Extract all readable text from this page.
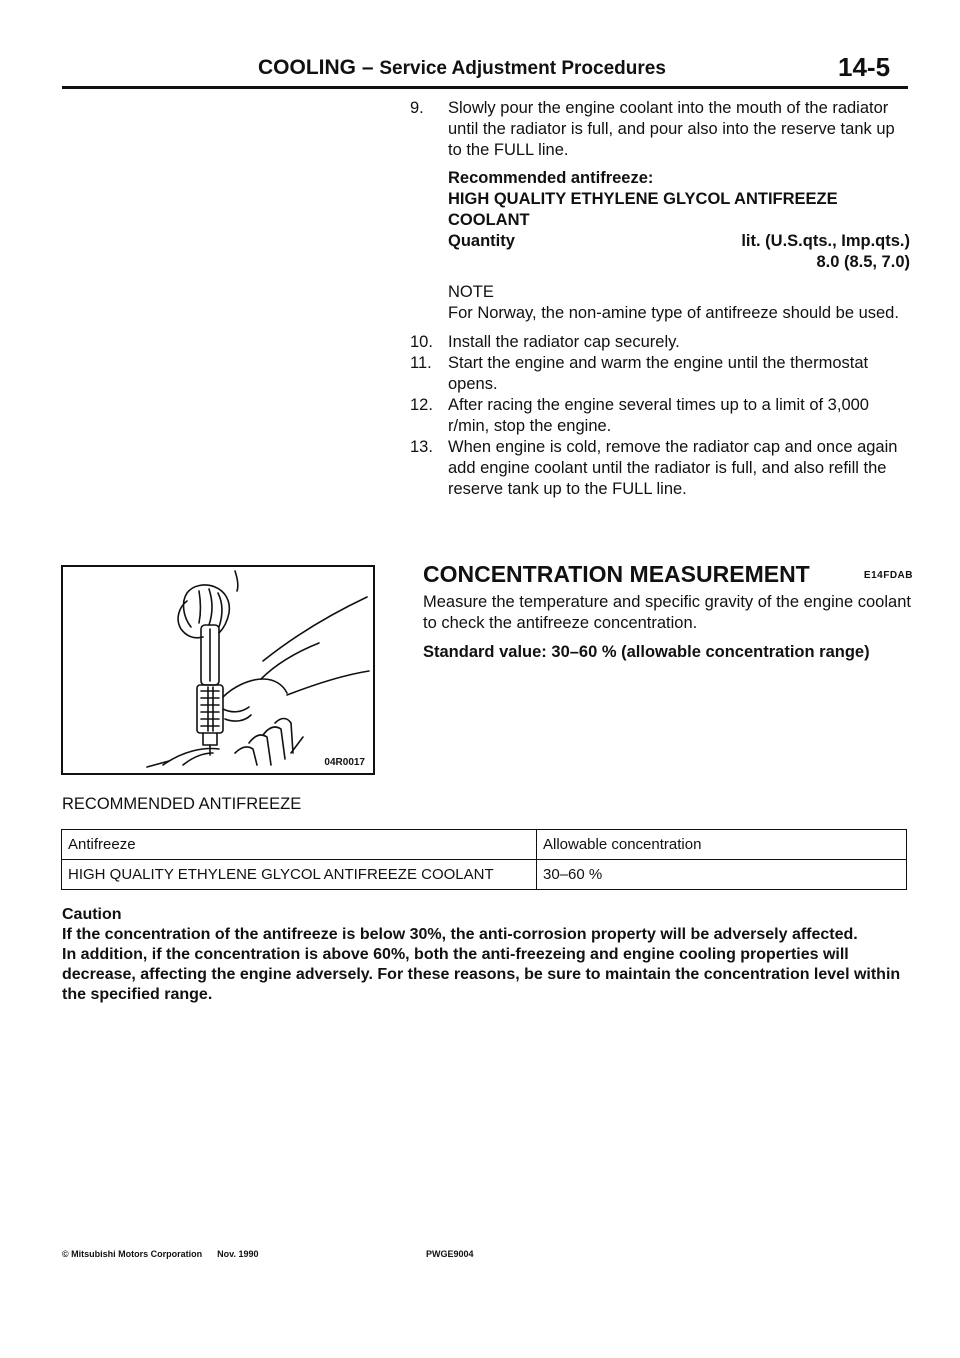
COOLING – Service Adjustment Procedures	14-5
9.	Slowly pour the engine coolant into the mouth of the radiator until the radiator is full, and pour also into the reserve tank up to the FULL line.
Recommended antifreeze:
HIGH QUALITY ETHYLENE GLYCOL ANTIFREEZE COOLANT
Quantity	lit. (U.S.qts., Imp.qts.)
8.0 (8.5, 7.0)
NOTE
For Norway, the non-amine type of antifreeze should be used.
10. Install the radiator cap securely.
11. Start the engine and warm the engine until the thermostat opens.
12. After racing the engine several times up to a limit of 3,000 r/min, stop the engine.
13. When engine is cold, remove the radiator cap and once again add engine coolant until the radiator is full, and also refill the reserve tank up to the FULL line.
04R0017
CONCENTRATION MEASUREMENT	E14FDAB
Measure the temperature and specific gravity of the engine coolant to check the antifreeze concentration.
Standard value: 30–60 % (allowable concentration range)
RECOMMENDED ANTIFREEZE
Antifreeze	Allowable concentration
HIGH QUALITY ETHYLENE GLYCOL ANTIFREEZE COOLANT	30–60 %
Caution
If the concentration of the antifreeze is below 30%, the anti-corrosion property will be adversely affected.
In addition, if the concentration is above 60%, both the anti-freezeing and engine cooling properties will decrease, affecting the engine adversely. For these reasons, be sure to maintain the concentration level within the specified range.
© Mitsubishi Motors Corporation Nov. 1990	PWGE9004
